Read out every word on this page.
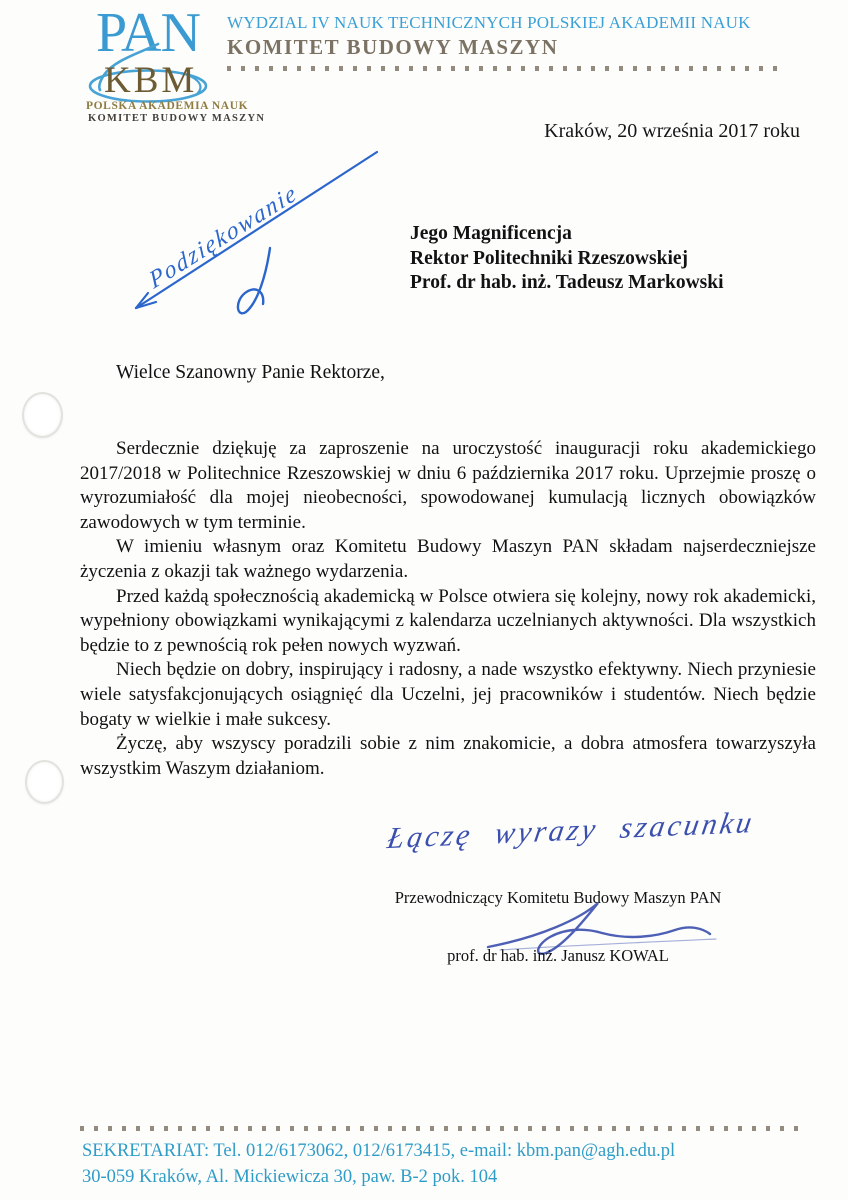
PAN
KBM
POLSKA AKADEMIA NAUK
KOMITET BUDOWY MASZYN
WYDZIAL IV NAUK TECHNICZNYCH POLSKIEJ AKADEMII NAUK
KOMITET BUDOWY MASZYN
Kraków, 20 września 2017 roku
Podziękowanie	Jego Magnificencja
Rektor Politechniki Rzeszowskiej
Prof. dr hab. inż. Tadeusz Markowski
Wielce Szanowny Panie Rektorze,

Serdecznie dziękuję za zaproszenie na uroczystość inauguracji roku akademickiego 2017/2018 w Politechnice Rzeszowskiej w dniu 6 października 2017 roku. Uprzejmie proszę o wyrozumiałość dla mojej nieobecności, spowodowanej kumulacją licznych obowiązków zawodowych w tym terminie.

W imieniu własnym oraz Komitetu Budowy Maszyn PAN składam najserdeczniejsze życzenia z okazji tak ważnego wydarzenia.

Przed każdą społecznością akademicką w Polsce otwiera się kolejny, nowy rok akademicki, wypełniony obowiązkami wynikającymi z kalendarza uczelnianych aktywności. Dla wszystkich będzie to z pewnością rok pełen nowych wyzwań.

Niech będzie on dobry, inspirujący i radosny, a nade wszystko efektywny. Niech przyniesie wiele satysfakcjonujących osiągnięć dla Uczelni, jej pracowników i studentów. Niech będzie bogaty w wielkie i małe sukcesy.

Życzę, aby wszyscy poradzili sobie z nim znakomicie, a dobra atmosfera towarzyszyła wszystkim Waszym działaniom.

Łączę wyrazy szacunku
Przewodniczący Komitetu Budowy Maszyn PAN
prof. dr hab. inż. Janusz KOWAL
SEKRETARIAT: Tel. 012/6173062, 012/6173415, e-mail: kbm.pan@agh.edu.pl
30-059 Kraków, Al. Mickiewicza 30, paw. B-2 pok. 104
